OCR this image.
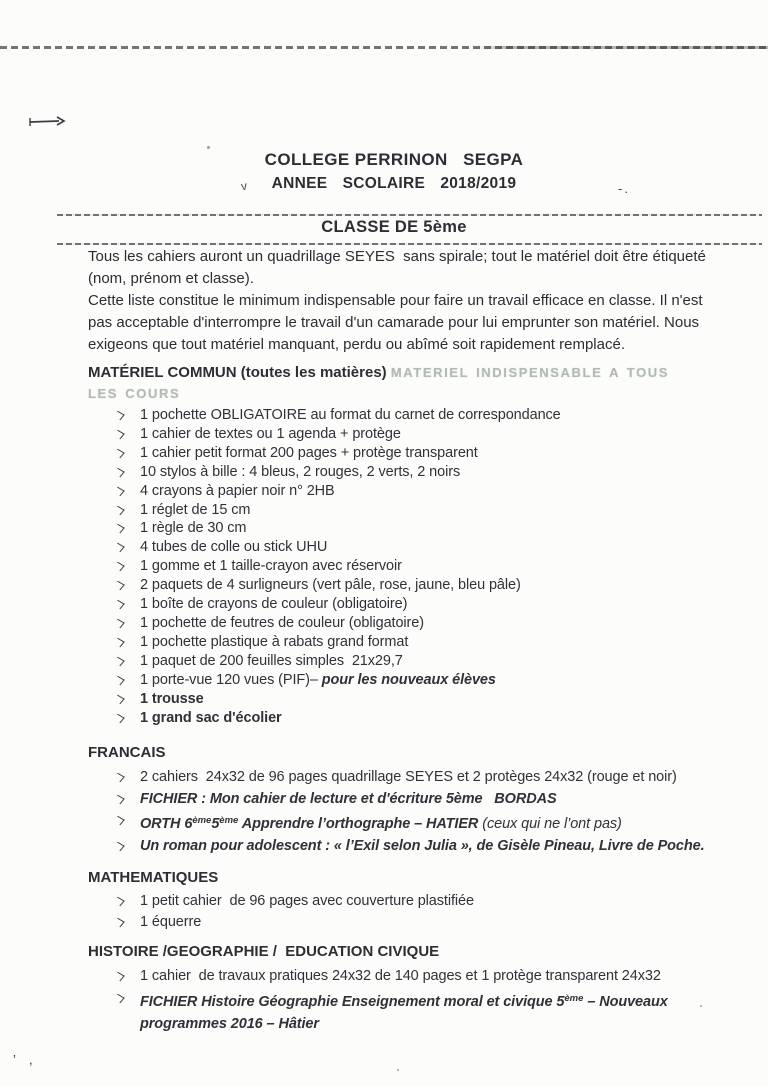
v	-.
’ ,
COLLEGE PERRINON   SEGPA

ANNEE  SCOLAIRE  2018/2019

CLASSE DE 5ème

Tous les cahiers auront un quadrillage SEYES  sans spirale; tout le matériel doit être étiqueté (nom, prénom et classe).

Cette liste constitue le minimum indispensable pour faire un travail efficace en classe. Il n'est pas acceptable d'interrompre le travail d'un camarade pour lui emprunter son matériel. Nous exigeons que tout matériel manquant, perdu ou abîmé soit rapidement remplacé.

MATÉRIEL COMMUN (toutes les matières) MATERIEL INDISPENSABLE A TOUS LES COURS
1 pochette OBLIGATOIRE au format du carnet de correspondance
1 cahier de textes ou 1 agenda + protège
1 cahier petit format 200 pages + protège transparent
10 stylos à bille : 4 bleus, 2 rouges, 2 verts, 2 noirs
4 crayons à papier noir n° 2HB
1 réglet de 15 cm
1 règle de 30 cm
4 tubes de colle ou stick UHU
1 gomme et 1 taille-crayon avec réservoir
2 paquets de 4 surligneurs (vert pâle, rose, jaune, bleu pâle)
1 boîte de crayons de couleur (obligatoire)
1 pochette de feutres de couleur (obligatoire)
1 pochette plastique à rabats grand format
1 paquet de 200 feuilles simples  21x29,7
1 porte-vue 120 vues (PIF)– pour les nouveaux élèves
1 trousse
1 grand sac d'écolier
FRANCAIS
2 cahiers  24x32 de 96 pages quadrillage SEYES et 2 protèges 24x32 (rouge et noir)
FICHIER : Mon cahier de lecture et d'écriture 5ème   BORDAS
ORTH 6ème5ème Apprendre l’orthographe – HATIER (ceux qui ne l’ont pas)
Un roman pour adolescent : « l’Exil selon Julia », de Gisèle Pineau, Livre de Poche.
MATHEMATIQUES
1 petit cahier  de 96 pages avec couverture plastifiée
1 équerre
HISTOIRE /GEOGRAPHIE /  EDUCATION CIVIQUE
1 cahier  de travaux pratiques 24x32 de 140 pages et 1 protège transparent 24x32
FICHIER Histoire Géographie Enseignement moral et civique 5ème – Nouveaux programmes 2016 – Hâtier
